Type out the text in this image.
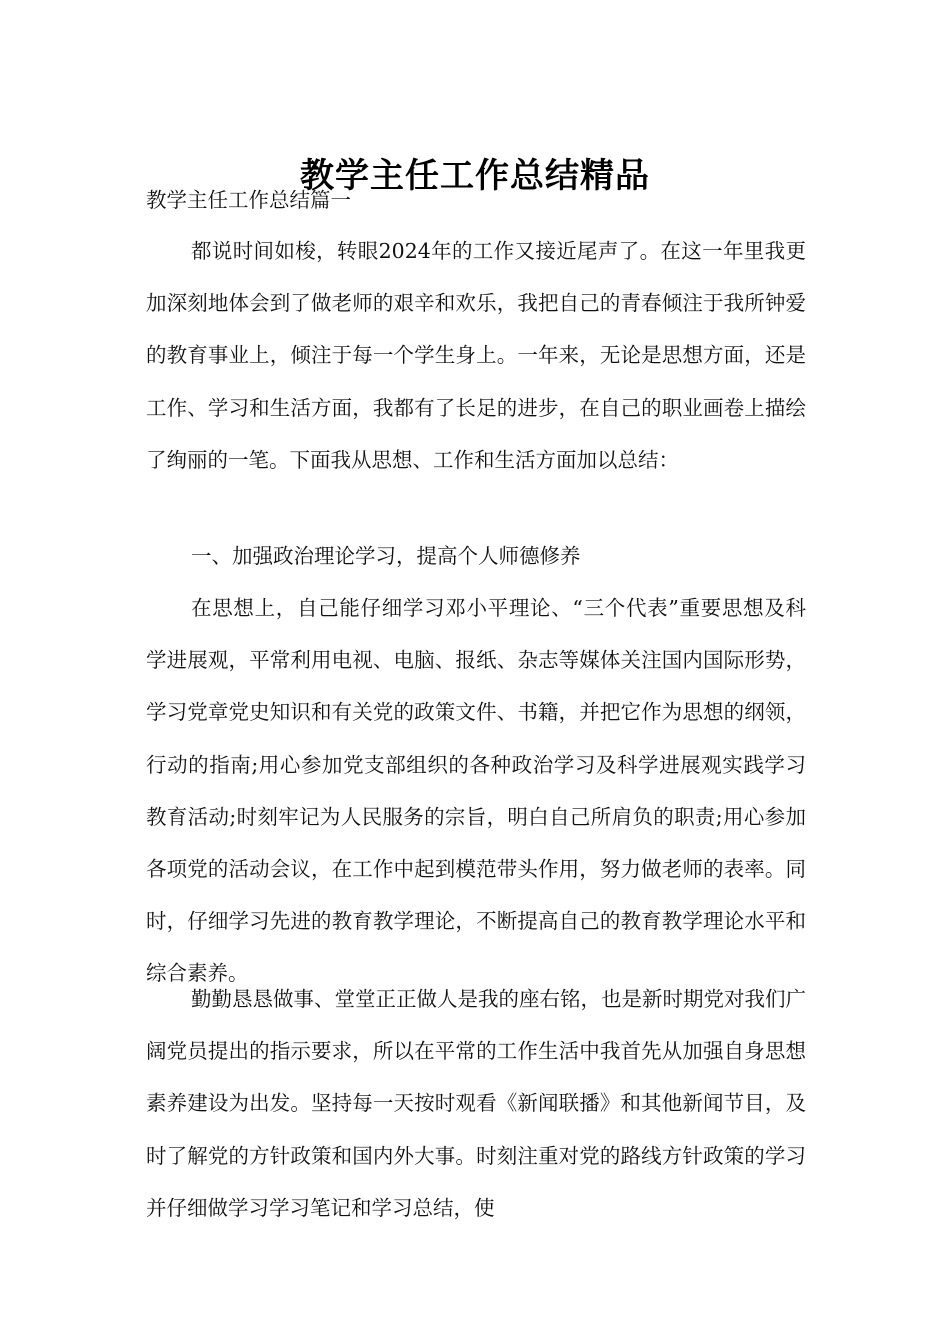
教学主任工作总结精品
教学主任工作总结篇一

都说时间如梭，转眼2024年的工作又接近尾声了。在这一年里我更加深刻地体会到了做老师的艰辛和欢乐，我把自己的青春倾注于我所钟爱的教育事业上，倾注于每一个学生身上。一年来，无论是思想方面，还是工作、学习和生活方面，我都有了长足的进步，在自己的职业画卷上描绘了绚丽的一笔。下面我从思想、工作和生活方面加以总结：

一、加强政治理论学习，提高个人师德修养

在思想上，自己能仔细学习邓小平理论、“三个代表”重要思想及科学进展观，平常利用电视、电脑、报纸、杂志等媒体关注国内国际形势，学习党章党史知识和有关党的政策文件、书籍，并把它作为思想的纲领，行动的指南;用心参加党支部组织的各种政治学习及科学进展观实践学习教育活动;时刻牢记为人民服务的宗旨，明白自己所肩负的职责;用心参加各项党的活动会议，在工作中起到模范带头作用，努力做老师的表率。同时，仔细学习先进的教育教学理论，不断提高自己的教育教学理论水平和综合素养。

勤勤恳恳做事、堂堂正正做人是我的座右铭，也是新时期党对我们广阔党员提出的指示要求，所以在平常的工作生活中我首先从加强自身思想素养建设为出发。坚持每一天按时观看《新闻联播》和其他新闻节目，及时了解党的方针政策和国内外大事。时刻注重对党的路线方针政策的学习并仔细做学习学习笔记和学习总结，使
